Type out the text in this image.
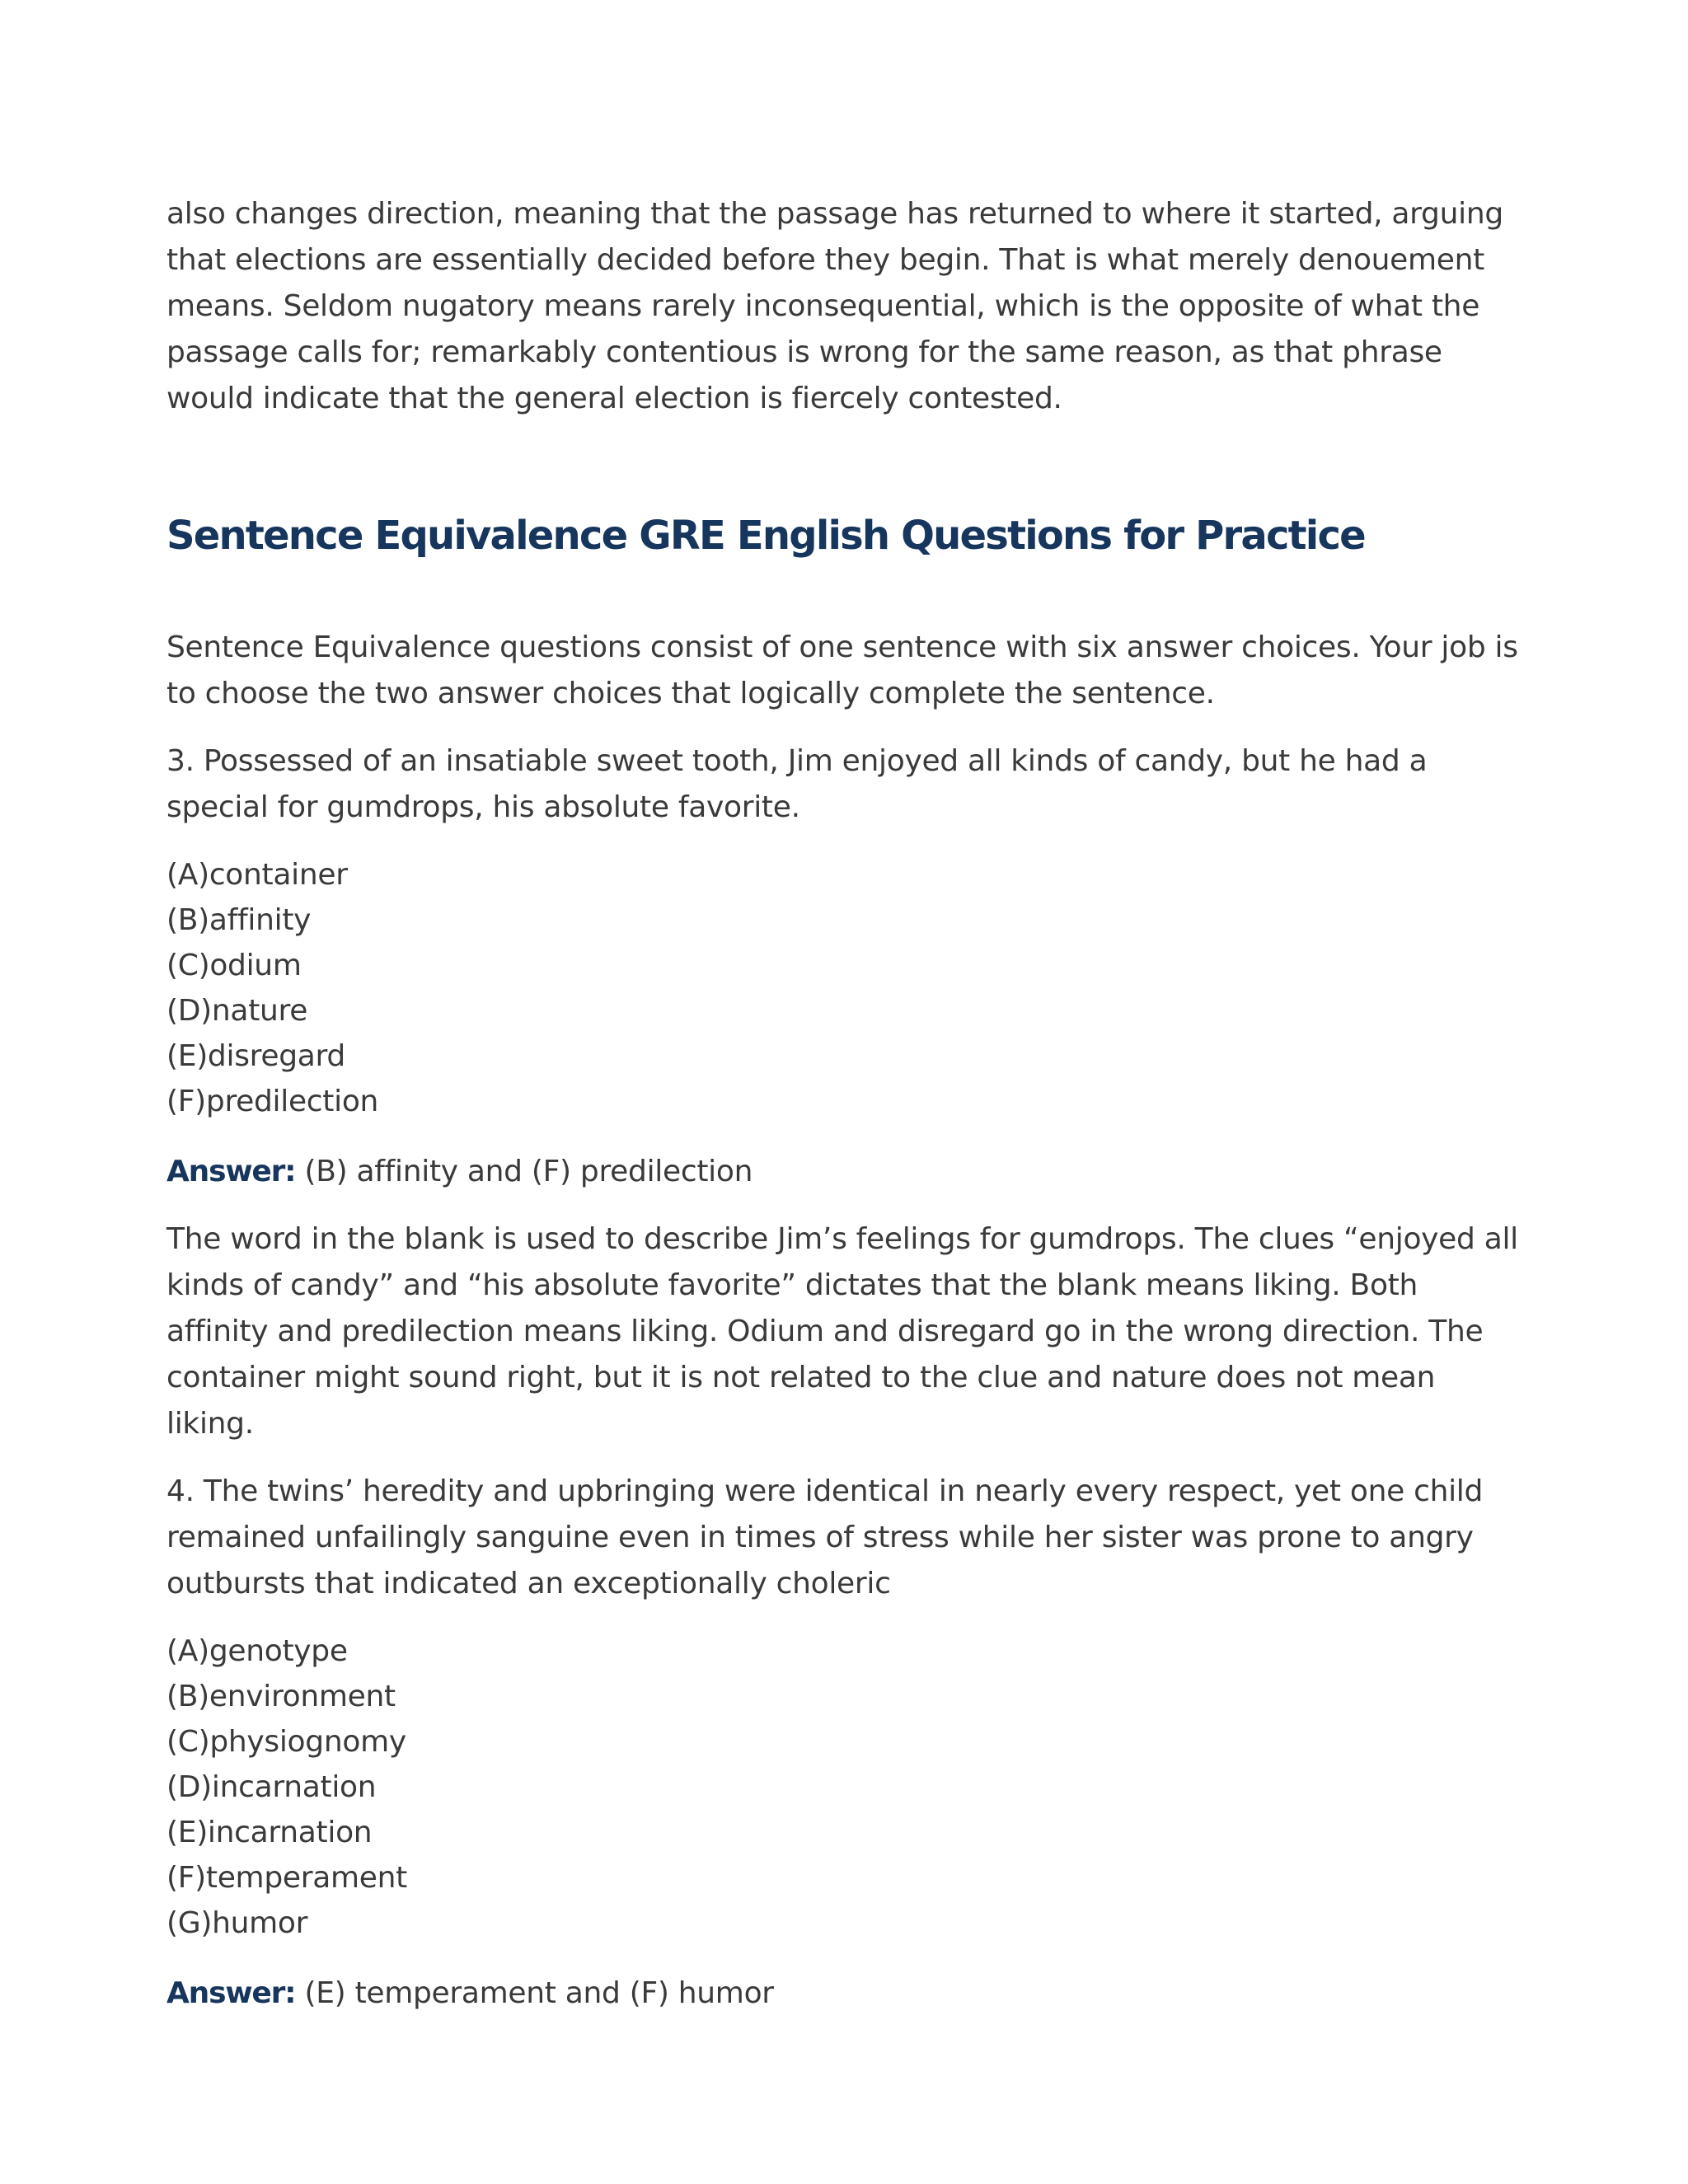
also changes direction, meaning that the passage has returned to where it started, arguing that elections are essentially decided before they begin. That is what merely denouement means. Seldom nugatory means rarely inconsequential, which is the opposite of what the passage calls for; remarkably contentious is wrong for the same reason, as that phrase would indicate that the general election is fiercely contested.

Sentence Equivalence GRE English Questions for Practice

Sentence Equivalence questions consist of one sentence with six answer choices. Your job is to choose the two answer choices that logically complete the sentence.

3. Possessed of an insatiable sweet tooth, Jim enjoyed all kinds of candy, but he had a special for gumdrops, his absolute favorite.

(A)container
(B)affinity
(C)odium
(D)nature
(E)disregard
(F)predilection

Answer: (B) affinity and (F) predilection

The word in the blank is used to describe Jim’s feelings for gumdrops. The clues “enjoyed all kinds of candy” and “his absolute favorite” dictates that the blank means liking. Both affinity and predilection means liking. Odium and disregard go in the wrong direction. The container might sound right, but it is not related to the clue and nature does not mean liking.

4. The twins’ heredity and upbringing were identical in nearly every respect, yet one child remained unfailingly sanguine even in times of stress while her sister was prone to angry outbursts that indicated an exceptionally choleric

(A)genotype
(B)environment
(C)physiognomy
(D)incarnation
(E)incarnation
(F)temperament
(G)humor

Answer: (E) temperament and (F) humor
